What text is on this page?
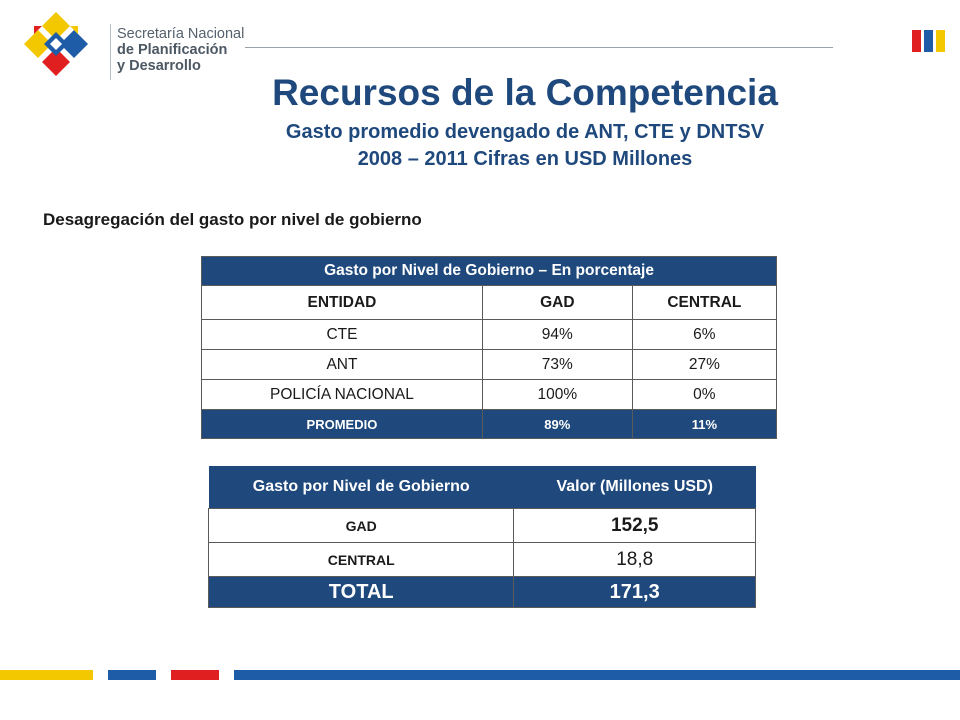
Secretaría Nacional
de Planificación
y Desarrollo
Recursos de la Competencia
Gasto promedio devengado de ANT, CTE y DNTSV
2008 – 2011 Cifras en USD Millones
Desagregación del gasto por nivel de gobierno
Gasto por Nivel de Gobierno – En porcentaje		
ENTIDAD	GAD	CENTRAL
CTE	94%	6%
ANT	73%	27%
POLICÍA NACIONAL	100%	0%
PROMEDIO	89%	11%
Gasto por Nivel de Gobierno	Valor (Millones USD)
GAD	152,5
CENTRAL	18,8
TOTAL	171,3
